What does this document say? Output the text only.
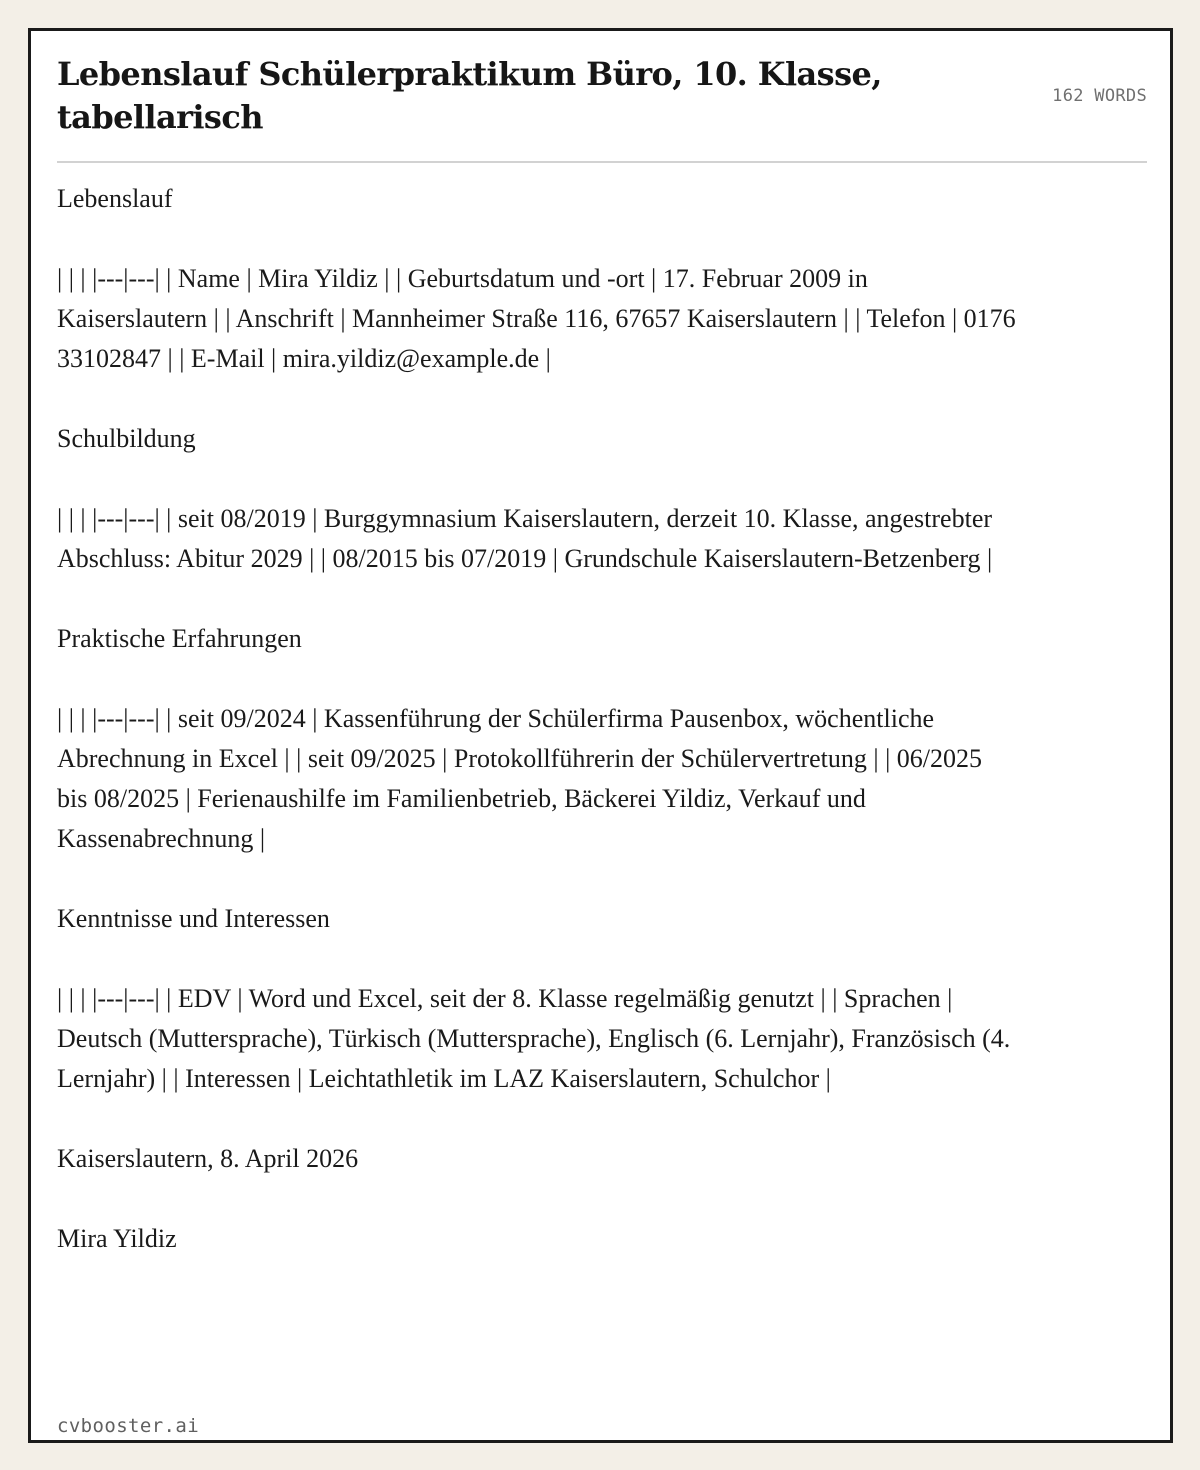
Lebenslauf Schülerpraktikum Büro, 10. Klasse, tabellarisch
162 WORDS

Lebenslauf

| | | |---|---| | Name | Mira Yildiz | | Geburtsdatum und -ort | 17. Februar 2009 in Kaiserslautern | | Anschrift | Mannheimer Straße 116, 67657 Kaiserslautern | | Telefon | 0176 33102847 | | E-Mail | mira.yildiz@example.de |

Schulbildung

| | | |---|---| | seit 08/2019 | Burggymnasium Kaiserslautern, derzeit 10. Klasse, angestrebter Abschluss: Abitur 2029 | | 08/2015 bis 07/2019 | Grundschule Kaiserslautern-Betzenberg |

Praktische Erfahrungen

| | | |---|---| | seit 09/2024 | Kassenführung der Schülerfirma Pausenbox, wöchentliche Abrechnung in Excel | | seit 09/2025 | Protokollführerin der Schülervertretung | | 06/2025 bis 08/2025 | Ferienaushilfe im Familienbetrieb, Bäckerei Yildiz, Verkauf und Kassenabrechnung |

Kenntnisse und Interessen

| | | |---|---| | EDV | Word und Excel, seit der 8. Klasse regelmäßig genutzt | | Sprachen | Deutsch (Muttersprache), Türkisch (Muttersprache), Englisch (6. Lernjahr), Französisch (4. Lernjahr) | | Interessen | Leichtathletik im LAZ Kaiserslautern, Schulchor |

Kaiserslautern, 8. April 2026

Mira Yildiz

cvbooster.ai
